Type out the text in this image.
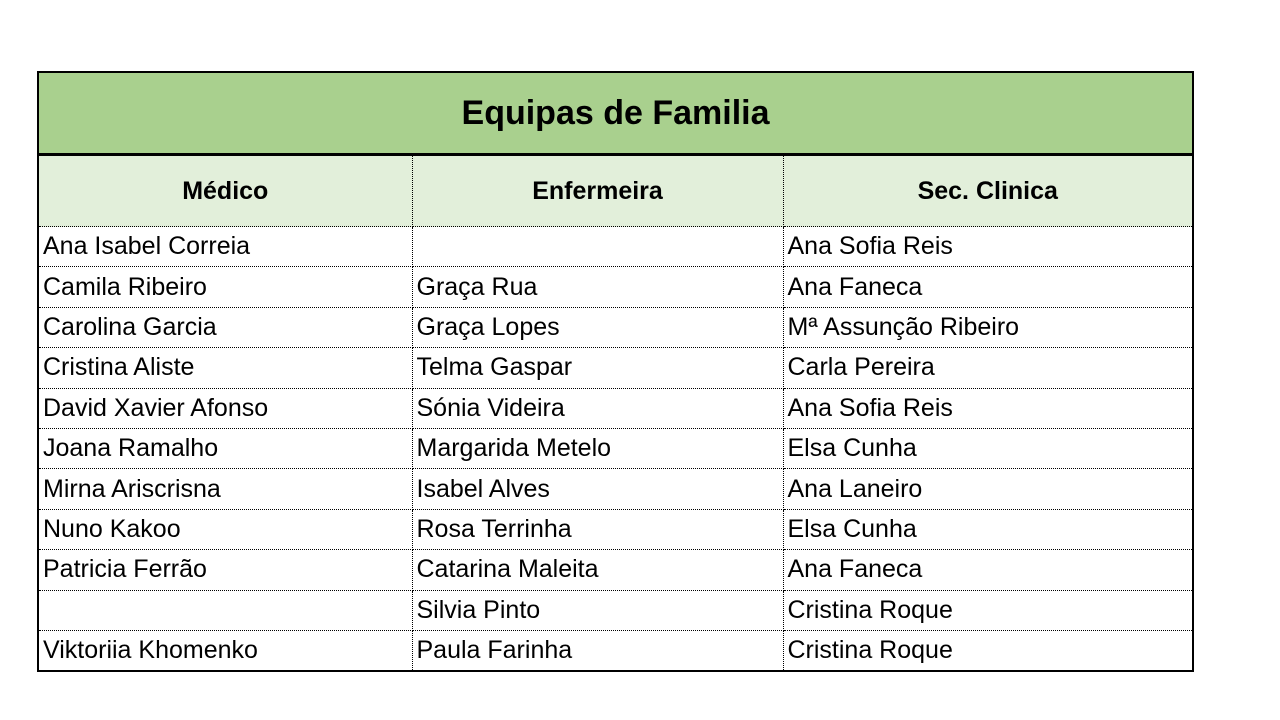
Equipas de Familia		
Médico	Enfermeira	Sec. Clinica
Ana Isabel Correia		Ana Sofia Reis
Camila Ribeiro	Graça Rua	Ana Faneca
Carolina Garcia	Graça Lopes	Mª Assunção Ribeiro
Cristina Aliste	Telma Gaspar	Carla Pereira
David Xavier Afonso	Sónia Videira	Ana Sofia Reis
Joana Ramalho	Margarida Metelo	Elsa Cunha
Mirna Ariscrisna	Isabel Alves	Ana Laneiro
Nuno Kakoo	Rosa Terrinha	Elsa Cunha
Patricia Ferrão	Catarina Maleita	Ana Faneca
	Silvia Pinto	Cristina Roque
Viktoriia Khomenko	Paula Farinha	Cristina Roque
